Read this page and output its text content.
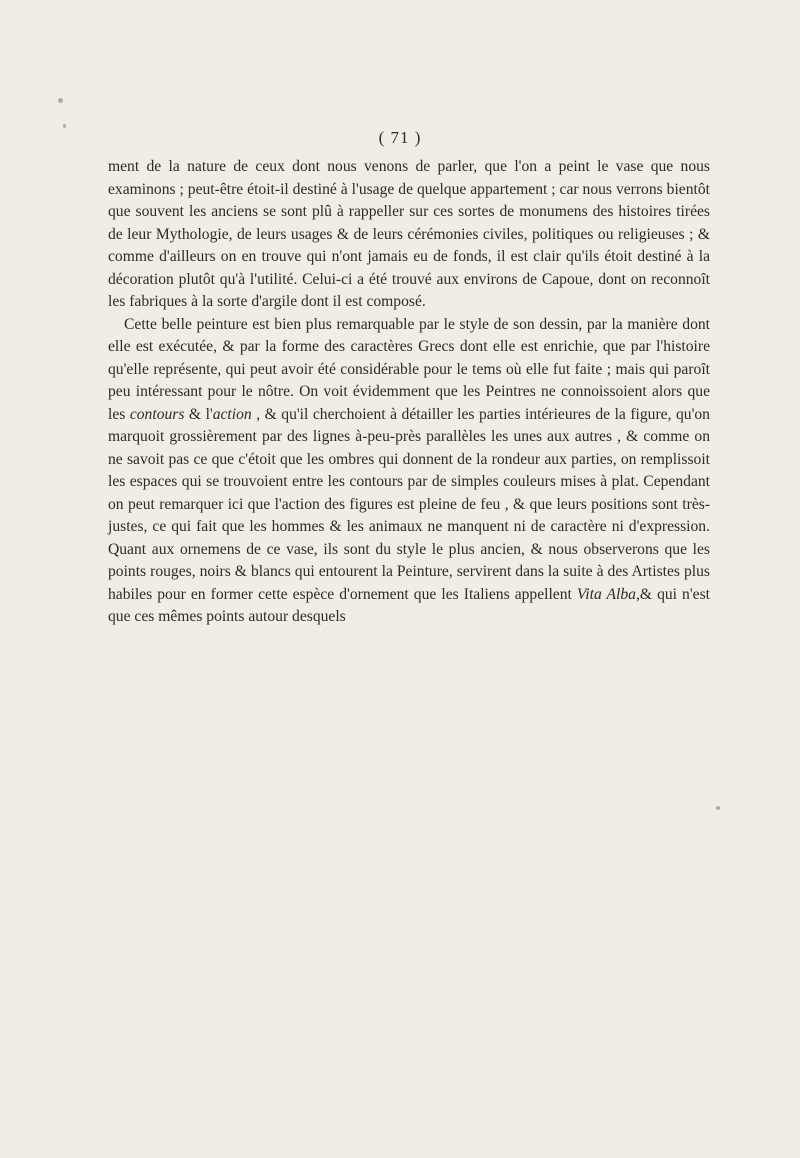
( 71 )

ment de la nature de ceux dont nous venons de parler, que l'on a peint le vase que nous examinons ; peut-être étoit-il destiné à l'usage de quelque appartement ; car nous verrons bientôt que souvent les anciens se sont plû à rappeller sur ces sortes de monumens des histoires tirées de leur Mythologie, de leurs usages & de leurs cérémonies civiles, politiques ou religieuses ; & comme d'ailleurs on en trouve qui n'ont jamais eu de fonds, il est clair qu'ils étoit destiné à la décoration plutôt qu'à l'utilité. Celui-ci a été trouvé aux environs de Capoue, dont on reconnoît les fabriques à la sorte d'argile dont il est composé.

Cette belle peinture est bien plus remarquable par le style de son dessin, par la manière dont elle est exécutée, & par la forme des caractères Grecs dont elle est enrichie, que par l'histoire qu'elle représente, qui peut avoir été considérable pour le tems où elle fut faite ; mais qui paroît peu intéressant pour le nôtre. On voit évidemment que les Peintres ne connoissoient alors que les contours & l'action , & qu'il cherchoient à détailler les parties intérieures de la figure, qu'on marquoit grossièrement par des lignes à-peu-près parallèles les unes aux autres , & comme on ne savoit pas ce que c'étoit que les ombres qui donnent de la rondeur aux parties, on remplissoit les espaces qui se trouvoient entre les contours par de simples couleurs mises à plat. Cependant on peut remarquer ici que l'action des figures est pleine de feu , & que leurs positions sont très-justes, ce qui fait que les hommes & les animaux ne manquent ni de caractère ni d'expression. Quant aux ornemens de ce vase, ils sont du style le plus ancien, & nous observerons que les points rouges, noirs & blancs qui entourent la Peinture, servirent dans la suite à des Artistes plus habiles pour en former cette espèce d'ornement que les Italiens appellent Vita Alba,& qui n'est que ces mêmes points autour desquels
